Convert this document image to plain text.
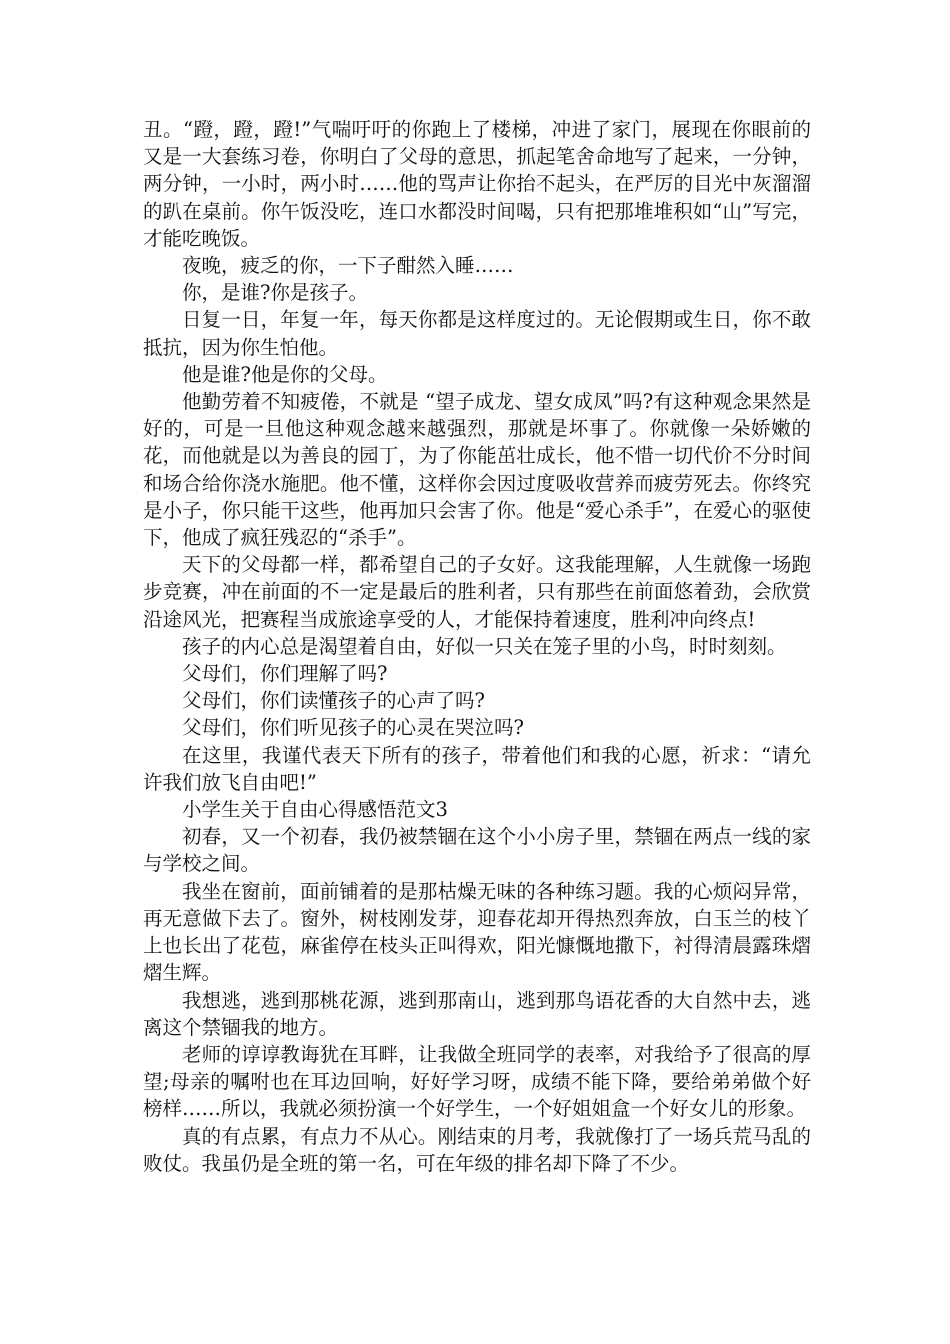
丑。“蹬，蹬，蹬!”气喘吁吁的你跑上了楼梯，冲进了家门，展现在你眼前的又是一大套练习卷，你明白了父母的意思，抓起笔舍命地写了起来，一分钟，两分钟，一小时，两小时……他的骂声让你抬不起头，在严厉的目光中灰溜溜的趴在桌前。你午饭没吃，连口水都没时间喝，只有把那堆堆积如“山”写完，才能吃晚饭。

夜晚，疲乏的你，一下子酣然入睡……

你，是谁?你是孩子。

日复一日，年复一年，每天你都是这样度过的。无论假期或生日，你不敢抵抗，因为你生怕他。

他是谁?他是你的父母。

他勤劳着不知疲倦，不就是 “望子成龙、望女成凤”吗?有这种观念果然是好的，可是一旦他这种观念越来越强烈，那就是坏事了。你就像一朵娇嫩的花，而他就是以为善良的园丁，为了你能茁壮成长，他不惜一切代价不分时间和场合给你浇水施肥。他不懂，这样你会因过度吸收营养而疲劳死去。你终究是小子，你只能干这些，他再加只会害了你。他是“爱心杀手”，在爱心的驱使下，他成了疯狂残忍的“杀手”。

天下的父母都一样，都希望自己的子女好。这我能理解，人生就像一场跑步竞赛，冲在前面的不一定是最后的胜利者，只有那些在前面悠着劲，会欣赏沿途风光，把赛程当成旅途享受的人，才能保持着速度，胜利冲向终点!

孩子的内心总是渴望着自由，好似一只关在笼子里的小鸟，时时刻刻。

父母们，你们理解了吗?

父母们，你们读懂孩子的心声了吗?

父母们，你们听见孩子的心灵在哭泣吗?

在这里，我谨代表天下所有的孩子，带着他们和我的心愿，祈求：“请允许我们放飞自由吧!”

小学生关于自由心得感悟范文3

初春，又一个初春，我仍被禁锢在这个小小房子里，禁锢在两点一线的家与学校之间。

我坐在窗前，面前铺着的是那枯燥无味的各种练习题。我的心烦闷异常，再无意做下去了。窗外，树枝刚发芽，迎春花却开得热烈奔放，白玉兰的枝丫上也长出了花苞，麻雀停在枝头正叫得欢，阳光慷慨地撒下，衬得清晨露珠熠熠生辉。

我想逃，逃到那桃花源，逃到那南山，逃到那鸟语花香的大自然中去，逃离这个禁锢我的地方。

老师的谆谆教诲犹在耳畔，让我做全班同学的表率，对我给予了很高的厚望;母亲的嘱咐也在耳边回响，好好学习呀，成绩不能下降，要给弟弟做个好榜样……所以，我就必须扮演一个好学生，一个好姐姐盒一个好女儿的形象。

真的有点累，有点力不从心。刚结束的月考，我就像打了一场兵荒马乱的败仗。我虽仍是全班的第一名，可在年级的排名却下降了不少。
